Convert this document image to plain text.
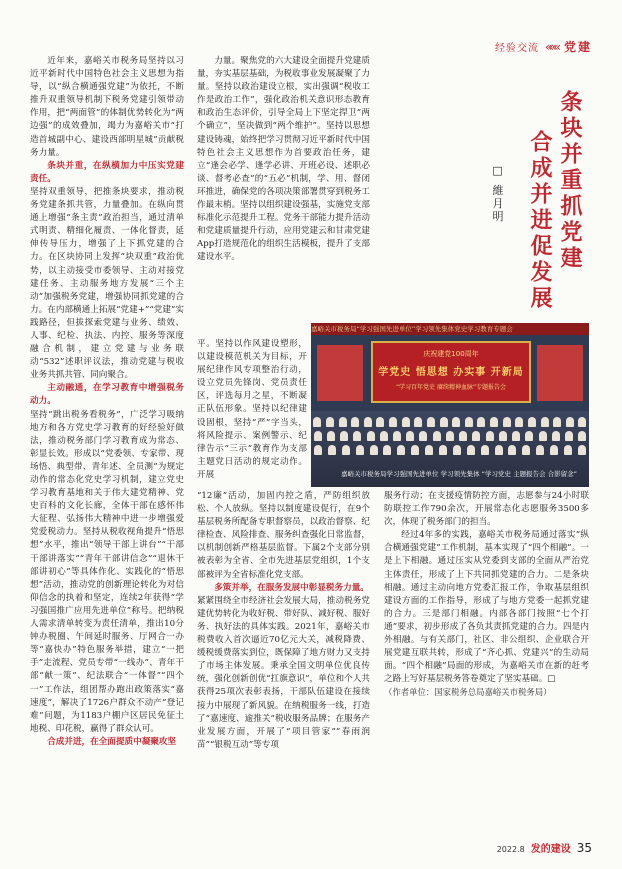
经验交流 ««« 党建

近年来，嘉峪关市税务局坚持以习近平新时代中国特色社会主义思想为指导，以“纵合横通强党建”为依托，不断推升双重领导机制下税务党建引领带动作用，把“两面管”的体制优势转化为“两边强”的成效叠加，竭力为嘉峪关市“打造首城副中心、建设西部明星城”贡献税务力量。

条块并重，在纵横加力中压实党建责任。

坚持双重领导，把推条块要求，推动税务党建条抓共管，力量叠加。在纵向贯通上增强“条主责”政治担当，通过清单式明责、精细化履责、一体化督责，延伸传导压力，增强了上下抓党建的合力。在区块协同上发挥“块双重”政治优势，以主动接受市委领导、主动对接党建任务、主动服务地方发展“三个主动”加强税务党建，增强协同抓党建的合力。在内部横通上拓展“党建+”“党建”实践路径，但拔探索党建与业务、绩效、人事、纪检、执法、内控、服务等深度融合机制，建立党建与业务联动“532”述职评议法，推动党建与税收业务共抓共管、同向聚合。

主动融通，在学习教育中增强税务动力。

坚持“跳出税务看税务”，广泛学习吸纳地方和各方党史学习教育的好经验好做法，推动税务部门学习教育成为常态、彰显长效。形成以“党委领、专家带、现场悟、典型带、青年述、全员测”为规定动作的常态化党史学习机制，建立党史学习教育基地和关于伟大建党精神、党史百科的文化长廊，全体干部在感怀伟大征程、弘扬伟大精神中进一步增强爱党爱税动力。坚持从税收视角提升“悟思想”水平，推出“领导干部上讲台”“干部干部讲落实”“青年干部讲信念”“退休干部讲初心”等具体作化、实践化的“悟思想”活动，推动党的创新理论转化为对信仰信念的执着和坚定，连续2年获得“学习强国推广应用先进单位”称号。把纳税人需求清单转变为责任清单，推出10分钟办税圈、午间延时服务、厅网合一办等“嘉快办”特色服务举措，建立“一把手”走流程、党员专带“一线办”、青年干部“献一策”、纪法联合“一体督”“四个一”工作法，组团帮办跑出政策落实“嘉速度”，解决了1726户群众不动产“登记难”问题，为1183户棚户区居民免征土地税、印花税，赢得了群众认可。

合成并进，在全面提质中凝聚攻坚

力量。聚焦党的六大建设全面提升党建质量，夯实基层基础，为税收事业发展凝聚了力量。坚持以政治建设立根，实出强调“税收工作是政治工作”，强化政治机关意识形态教育和政治生态评价，引导全局上下坚定捍卫“两个确立”，坚决做到“两个维护”。坚持以思想建设铸魂，始终把学习贯彻习近平新时代中国特色社会主义思想作为首要政治任务，建立“逢会必学、逢学必讲、开班必设、述职必谈、督考必查”的“五必”机制，学、用、督闭环推进，确保党的各项决策部署贯穿到税务工作最末梢。坚持以组织建设强基，实施党支部标准化示范提升工程。党务干部能力提升活动和党建质量提升行动，应用党建云和甘肃党建App打造规范化的组织生活模板，提升了支部建设水平。

平。坚持以作风建设塑形，以建设模范机关为目标，开展纪律作风专项整治行动，设立党员先锋岗、党员责任区，评选每月之星，不断凝正队伍形象。坚持以纪律建设固根，坚持“严”字当头，将风险提示、案例警示、纪律告示“三示”教育作为支部主题党日活动的规定动作。开展

“12廉”活动，加固内控之盾，严防组织放松、个人放纵。坚持以制度建设促行，在9个基层税务所配备专职督察员，以政治督察、纪律检查、风险排查、服务纠查强化日常监督，以机制创新严格基层监督。下属2个支部分别被表彰为全省、全市先进基层党组织，1个支部被评为全省标准化党支部。

多策并举，在服务发展中彰显税务力量。

紧紧围绕全市经济社会发展大局，推动税务党建优势转化为收好税、带好队、减好税、服好务、执好法的具体实践。2021年，嘉峪关市税费收入首次逼近70亿元大关，减税降费、缓税缓费落实到位，既保障了地方财力又支持了市场主体发展。秉承全国文明单位优良传统，强化创新创优“扛旗意识”，单位和个人共获得25项次表彰表扬，干部队伍建设在接续接力中展现了新风貌。在纳税服务一线，打造了“嘉速度、逾推关”税收服务品牌；在服务产业发展方面，开展了“项目管家”“春雨润苗”“银税互动”等专项

服务行动；在支援疫情防控方面，志愿参与24小时联防联控工作790余次，开展常态化志愿服务3500多次，体现了税务部门的担当。

经过4年多的实践，嘉峪关市税务局通过落实“纵合横通强党建”工作机制，基本实现了“四个相融”。一是上下相融。通过压实从党委到支部的全面从严治党主体责任，形成了上下共同抓党建的合力。二是条块相融。通过主动向地方党委汇报工作，争取基层组织建设方面的工作指导，形成了与地方党委一起抓党建的合力。三是部门相融。内部各部门按照“七个打通”要求，初步形成了各负其责抓党建的合力。四是内外相融。与有关部门，社区、非公组织、企业联合开展党建互联共转，形成了“齐心抓、党建兴”的生动局面。“四个相融”局面的形成，为嘉峪关市在新的赶考之路上写好基层税务答卷奠定了坚实基础。□

（作者单位：国家税务总局嘉峪关市税务局）

条块并重抓党建
合成并进促发展
□ 維月明
嘉峪关市税务局“学习强国先进单位”学习领先集体党史学习教育专题会
庆祝建党100周年
学党史 悟思想 办实事 开新局
“学习百年党史 赓续精神血脉”专题报告会
嘉峪关市税务局学习强国先进单位 学习领先集体 “学习党史 主题报告会 合影留念”
2022.8 发的建设 35
